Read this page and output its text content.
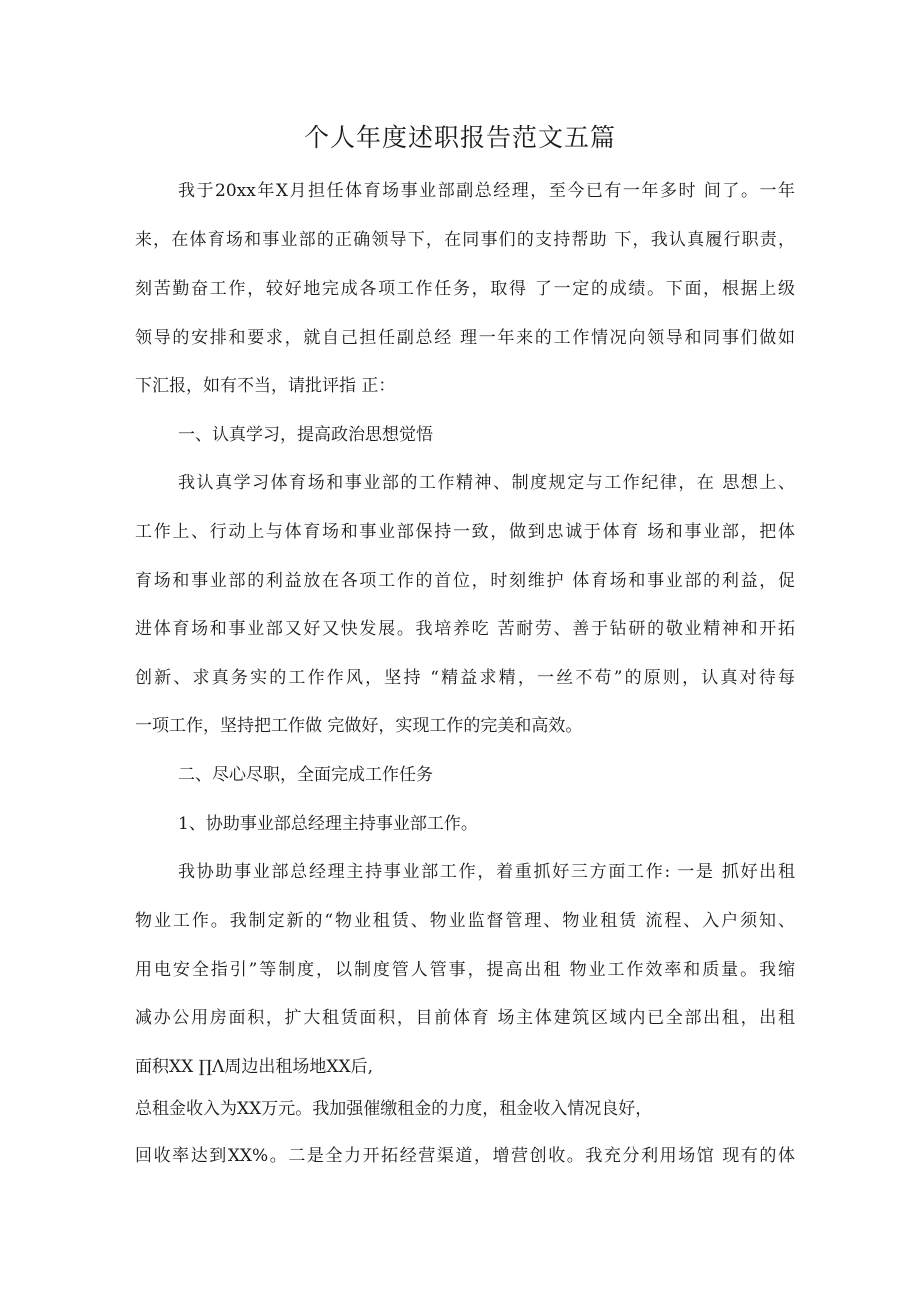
个人年度述职报告范文五篇

我于20xx年X月担任体育场事业部副总经理，至今已有一年多时 间了。一年

来，在体育场和事业部的正确领导下，在同事们的支持帮助 下，我认真履行职责，

刻苦勤奋工作，较好地完成各项工作任务，取得 了一定的成绩。下面，根据上级

领导的安排和要求，就自己担任副总经 理一年来的工作情况向领导和同事们做如

下汇报，如有不当，请批评指 正：

一、认真学习，提高政治思想觉悟

我认真学习体育场和事业部的工作精神、制度规定与工作纪律，在 思想上、

工作上、行动上与体育场和事业部保持一致，做到忠诚于体育 场和事业部，把体

育场和事业部的利益放在各项工作的首位，时刻维护 体育场和事业部的利益，促

进体育场和事业部又好又快发展。我培养吃 苦耐劳、善于钻研的敬业精神和开拓

创新、求真务实的工作作风，坚持 “精益求精，一丝不苟”的原则，认真对待每

一项工作，坚持把工作做 完做好，实现工作的完美和高效。

二、尽心尽职，全面完成工作任务

1、协助事业部总经理主持事业部工作。

我协助事业部总经理主持事业部工作，着重抓好三方面工作: 一是 抓好出租

物业工作。我制定新的“物业租赁、物业监督管理、物业租赁 流程、入户须知、

用电安全指引”等制度，以制度管人管事，提高出租 物业工作效率和质量。我缩

减办公用房面积，扩大租赁面积，目前体育 场主体建筑区域内已全部出租，出租

面积XX ∏Λ周边出租场地XX后,

总租金收入为XX万元。我加强催缴租金的力度，租金收入情况良好，

回收率达到XX%。二是全力开拓经营渠道，增营创收。我充分利用场馆 现有的体
